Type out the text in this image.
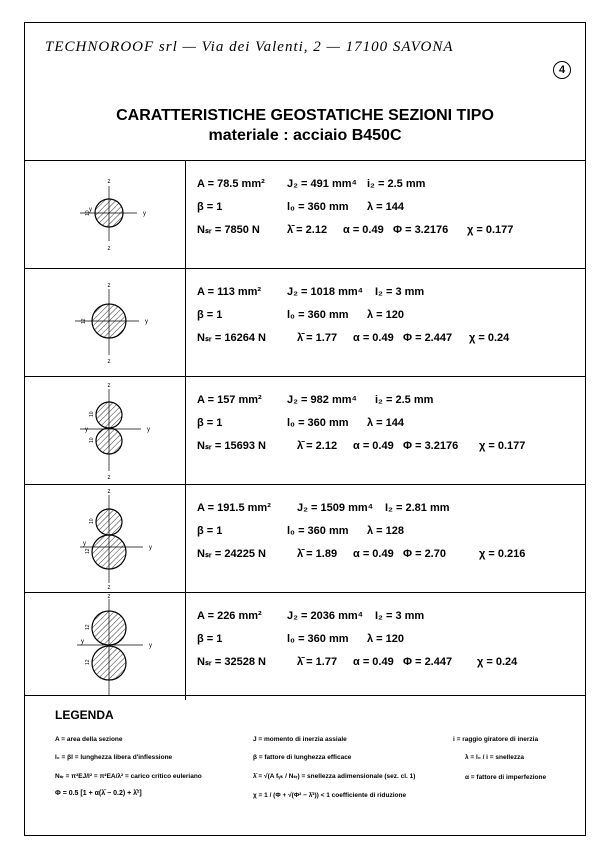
TECHNOROOF srl — Via dei Valenti, 2 — 17100 SAVONA
4
CARATTERISTICHE GEOSTATICHE SEZIONI TIPO
materiale : acciaio B450C
z
z
y
y
10
A = 78.5 mm² J₂ = 491 mm⁴ i₂ = 2.5 mm
β = 1	l₀ = 360 mm λ = 144
Nₛᵣ = 7850 N λ̄ = 2.12 α = 0.49 Φ = 3.2176 χ = 0.177
z
z
y
12
A = 113 mm² J₂ = 1018 mm⁴ I₂ = 3 mm
β = 1	l₀ = 360 mm λ = 120
Nₛᵣ = 16264 N	λ̄ = 1.77 α = 0.49 Φ = 2.447 χ = 0.24
z
z
y
y
10
10
A = 157 mm² J₂ = 982 mm⁴ i₂ = 2.5 mm
β = 1	l₀ = 360 mm λ = 144
Nₛᵣ = 15693 N	λ̄ = 2.12 α = 0.49 Φ = 3.2176 χ = 0.177
z
z
y
y
10
12
A = 191.5 mm² J₂ = 1509 mm⁴ I₂ = 2.81 mm
β = 1	l₀ = 360 mm λ = 128
Nₛᵣ = 24225 N	λ̄ = 1.89 α = 0.49 Φ = 2.70	χ = 0.216
z
y
y
12
12
A = 226 mm² J₂ = 2036 mm⁴ I₂ = 3 mm
β = 1	l₀ = 360 mm λ = 120
Nₛᵣ = 32528 N	λ̄ = 1.77 α = 0.49 Φ = 2.447 χ = 0.24
LEGENDA
A = area della sezione
l₀ = βl = lunghezza libera d'inflessione
Nₛᵣ = π²EJ/l² = π²EA/λ² = carico critico euleriano
Φ = 0.5 [1 + α(λ̄ − 0.2) + λ̄²]
J = momento di inerzia assiale
β = fattore di lunghezza efficace
λ̄ = √(A fᵧₖ / Nₛᵣ) = snellezza adimensionale (sez. cl. 1)
χ = 1 / (Φ + √(Φ² − λ̄²)) < 1 coefficiente di riduzione
i = raggio giratore di inerzia
λ = l₀ / i = snellezza
α = fattore di imperfezione
